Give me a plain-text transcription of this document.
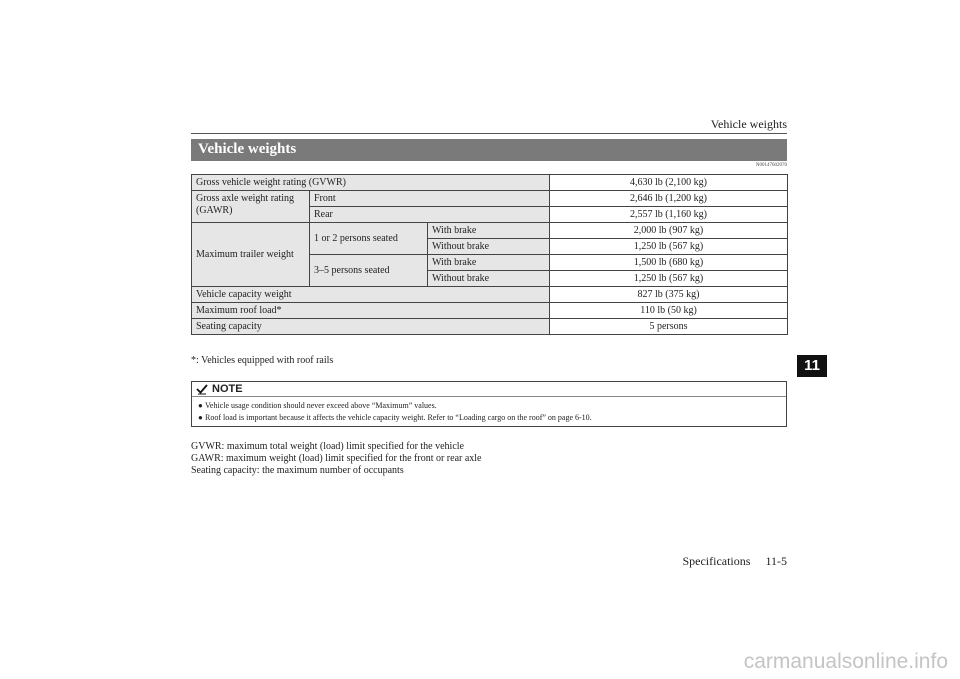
Vehicle weights
Vehicle weights
N00147602070
Gross vehicle weight rating (GVWR)			4,630 lb (2,100 kg)
Gross axle weight rating (GAWR)	Front		2,646 lb (1,200 kg)
	Rear		2,557 lb (1,160 kg)
Maximum trailer weight	1 or 2 persons seated	With brake	2,000 lb (907 kg)
		Without brake	1,250 lb (567 kg)
	3–5 persons seated	With brake	1,500 lb (680 kg)
		Without brake	1,250 lb (567 kg)
Vehicle capacity weight			827 lb (375 kg)
Maximum roof load*			110 lb (50 kg)
Seating capacity			5 persons
*: Vehicles equipped with roof rails
NOTE
● Vehicle usage condition should never exceed above “Maximum” values.
● Roof load is important because it affects the vehicle capacity weight. Refer to “Loading cargo on the roof” on page 6-10.
GVWR: maximum total weight (load) limit specified for the vehicle
GAWR: maximum weight (load) limit specified for the front or rear axle
Seating capacity: the maximum number of occupants
11
Specifications 11-5
carmanualsonline.info
